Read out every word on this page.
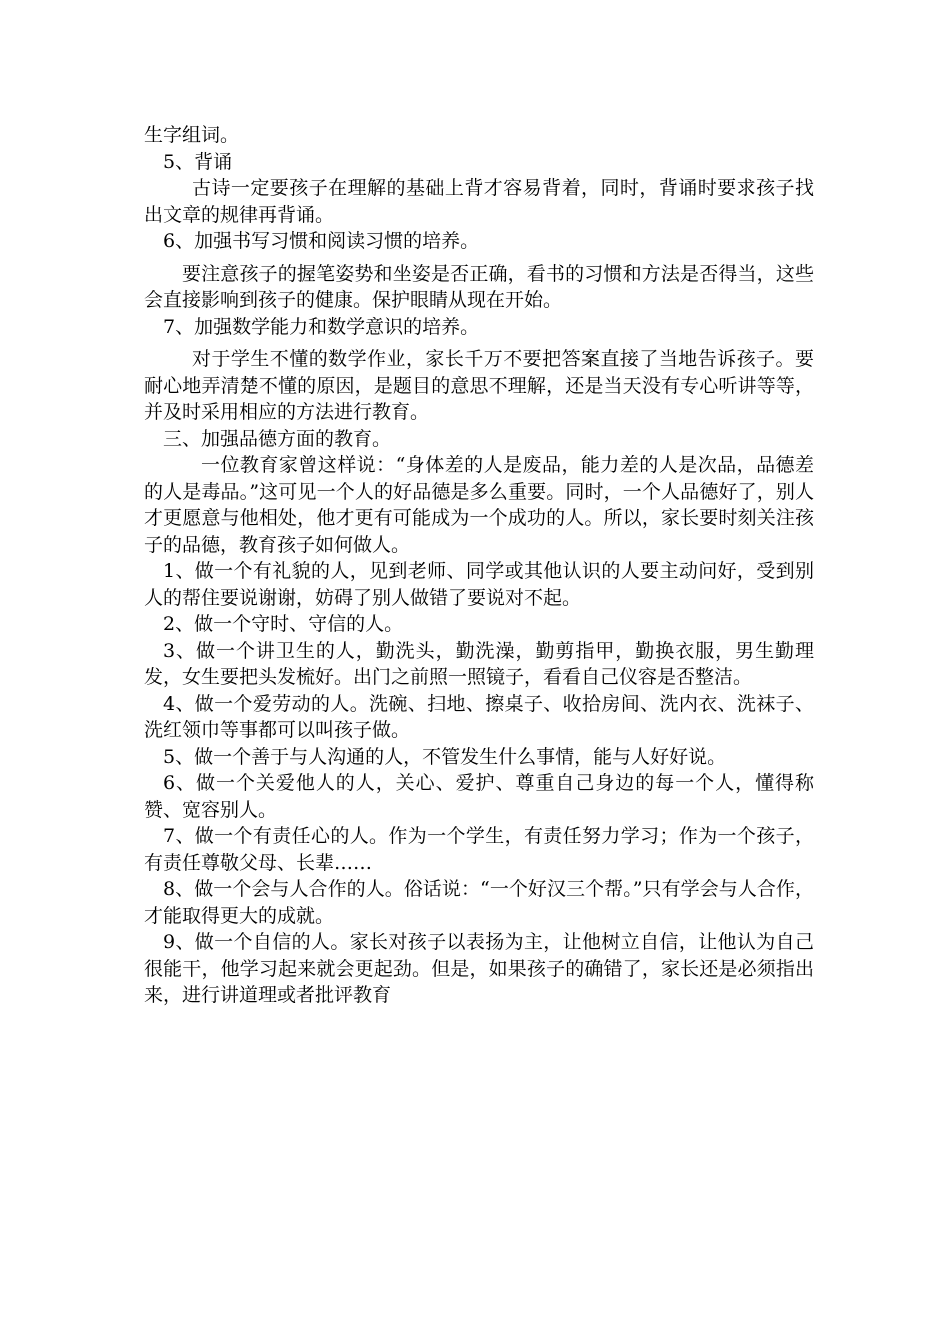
生字组词。

5、背诵

古诗一定要孩子在理解的基础上背才容易背着，同时，背诵时要求孩子找出文章的规律再背诵。

6、加强书写习惯和阅读习惯的培养。

要注意孩子的握笔姿势和坐姿是否正确，看书的习惯和方法是否得当，这些会直接影响到孩子的健康。保护眼睛从现在开始。

7、加强数学能力和数学意识的培养。

对于学生不懂的数学作业，家长千万不要把答案直接了当地告诉孩子。要耐心地弄清楚不懂的原因，是题目的意思不理解，还是当天没有专心听讲等等，并及时采用相应的方法进行教育。

三、加强品德方面的教育。

一位教育家曾这样说：“身体差的人是废品，能力差的人是次品，品德差的人是毒品。”这可见一个人的好品德是多么重要。同时，一个人品德好了，别人才更愿意与他相处，他才更有可能成为一个成功的人。所以，家长要时刻关注孩子的品德，教育孩子如何做人。

1、做一个有礼貌的人，见到老师、同学或其他认识的人要主动问好，受到别人的帮住要说谢谢，妨碍了别人做错了要说对不起。

2、做一个守时、守信的人。

3、做一个讲卫生的人，勤洗头，勤洗澡，勤剪指甲，勤换衣服，男生勤理发，女生要把头发梳好。出门之前照一照镜子，看看自己仪容是否整洁。

4、做一个爱劳动的人。洗碗、扫地、擦桌子、收拾房间、洗内衣、洗袜子、洗红领巾等事都可以叫孩子做。

5、做一个善于与人沟通的人，不管发生什么事情，能与人好好说。

6、做一个关爱他人的人，关心、爱护、尊重自己身边的每一个人，懂得称赞、宽容别人。

7、做一个有责任心的人。作为一个学生，有责任努力学习；作为一个孩子，有责任尊敬父母、长辈……

8、做一个会与人合作的人。俗话说：“一个好汉三个帮。”只有学会与人合作，才能取得更大的成就。

9、做一个自信的人。家长对孩子以表扬为主，让他树立自信，让他认为自己很能干，他学习起来就会更起劲。但是，如果孩子的确错了，家长还是必须指出来，进行讲道理或者批评教育
